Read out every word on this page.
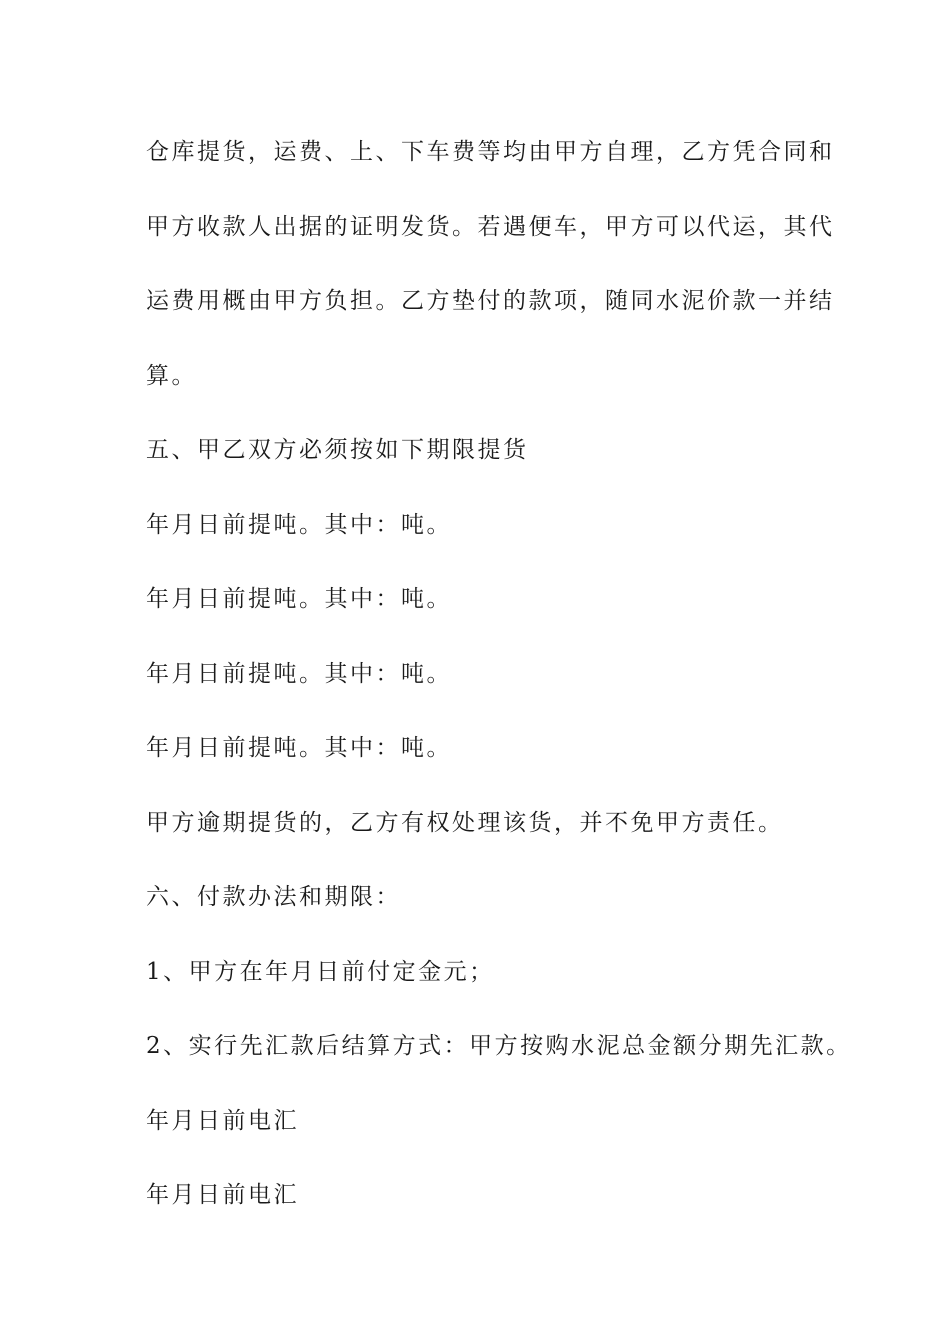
仓库提货，运费、上、下车费等均由甲方自理，乙方凭合同和
甲方收款人出据的证明发货。若遇便车，甲方可以代运，其代
运费用概由甲方负担。乙方垫付的款项，随同水泥价款一并结
算。
五、甲乙双方必须按如下期限提货
年月日前提吨。其中：吨。
年月日前提吨。其中：吨。
年月日前提吨。其中：吨。
年月日前提吨。其中：吨。
甲方逾期提货的，乙方有权处理该货，并不免甲方责任。
六、付款办法和期限：
1、甲方在年月日前付定金元；
2、实行先汇款后结算方式：甲方按购水泥总金额分期先汇款。
年月日前电汇
年月日前电汇
